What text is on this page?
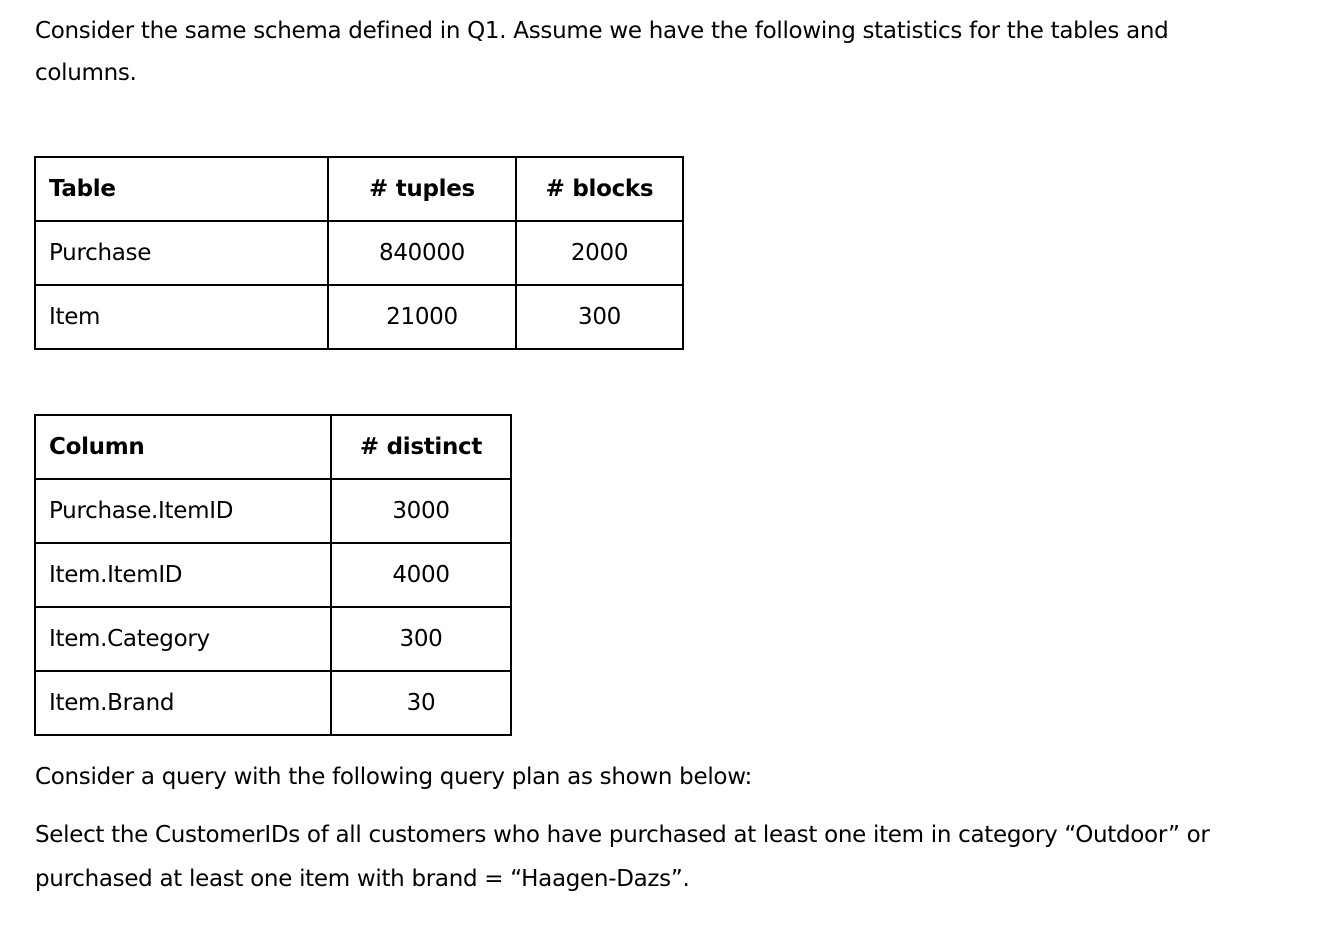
Consider the same schema defined in Q1. Assume we have the following statistics for the tables and

columns.

Table	# tuples	# blocks
Purchase	840000	2000
Item	21000	300
Column	# distinct
Purchase.ItemID	3000
Item.ItemID	4000
Item.Category	300
Item.Brand	30

Consider a query with the following query plan as shown below:

Select the CustomerIDs of all customers who have purchased at least one item in category “Outdoor” or

purchased at least one item with brand = “Haagen-Dazs”.
